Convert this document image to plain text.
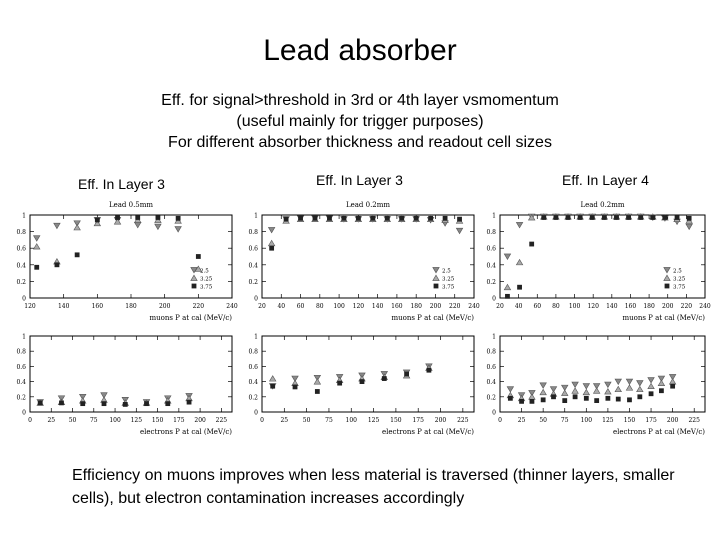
Lead absorber
Eff. for signal>threshold in 3rd or 4th layer vsmomentum
(useful mainly for trigger purposes)
For different absorber thickness and readout cell sizes
Eff. In Layer 3	Eff. In Layer 3	Eff. In Layer 4
Lead 0.5mm
0
0.2
0.4
0.6
0.8
1
120	140	160	180	200	220	240
muons P at cal (MeV/c)
2.5
3.25
3.75
Lead 0.2mm
0
0.2
0.4
0.6
0.8
1
20 40 60 80 100 120 140 160 180 200 220 240
muons P at cal (MeV/c)
2.5
3.25
3.75
Lead 0.2mm
0
0.2
0.4
0.6
0.8
1
20 40 60 80 100 120 140 160 180 200 220 240
muons P at cal (MeV/c)
2.5
3.25
3.75
0
0.2
0.4
0.6
0.8
1
0	25 50 75 100 125 150 175 200 225
electrons P at cal (MeV/c)
0
0.2
0.4
0.6
0.8
1
0	25 50 75 100 125 150 175 200 225
electrons P at cal (MeV/c)
0
0.2
0.4
0.6
0.8
1
0	25 50 75 100 125 150 175 200 225
electrons P at cal (MeV/c)
Efficiency on muons improves when less material is traversed (thinner layers, smaller cells), but electron contamination increases accordingly
